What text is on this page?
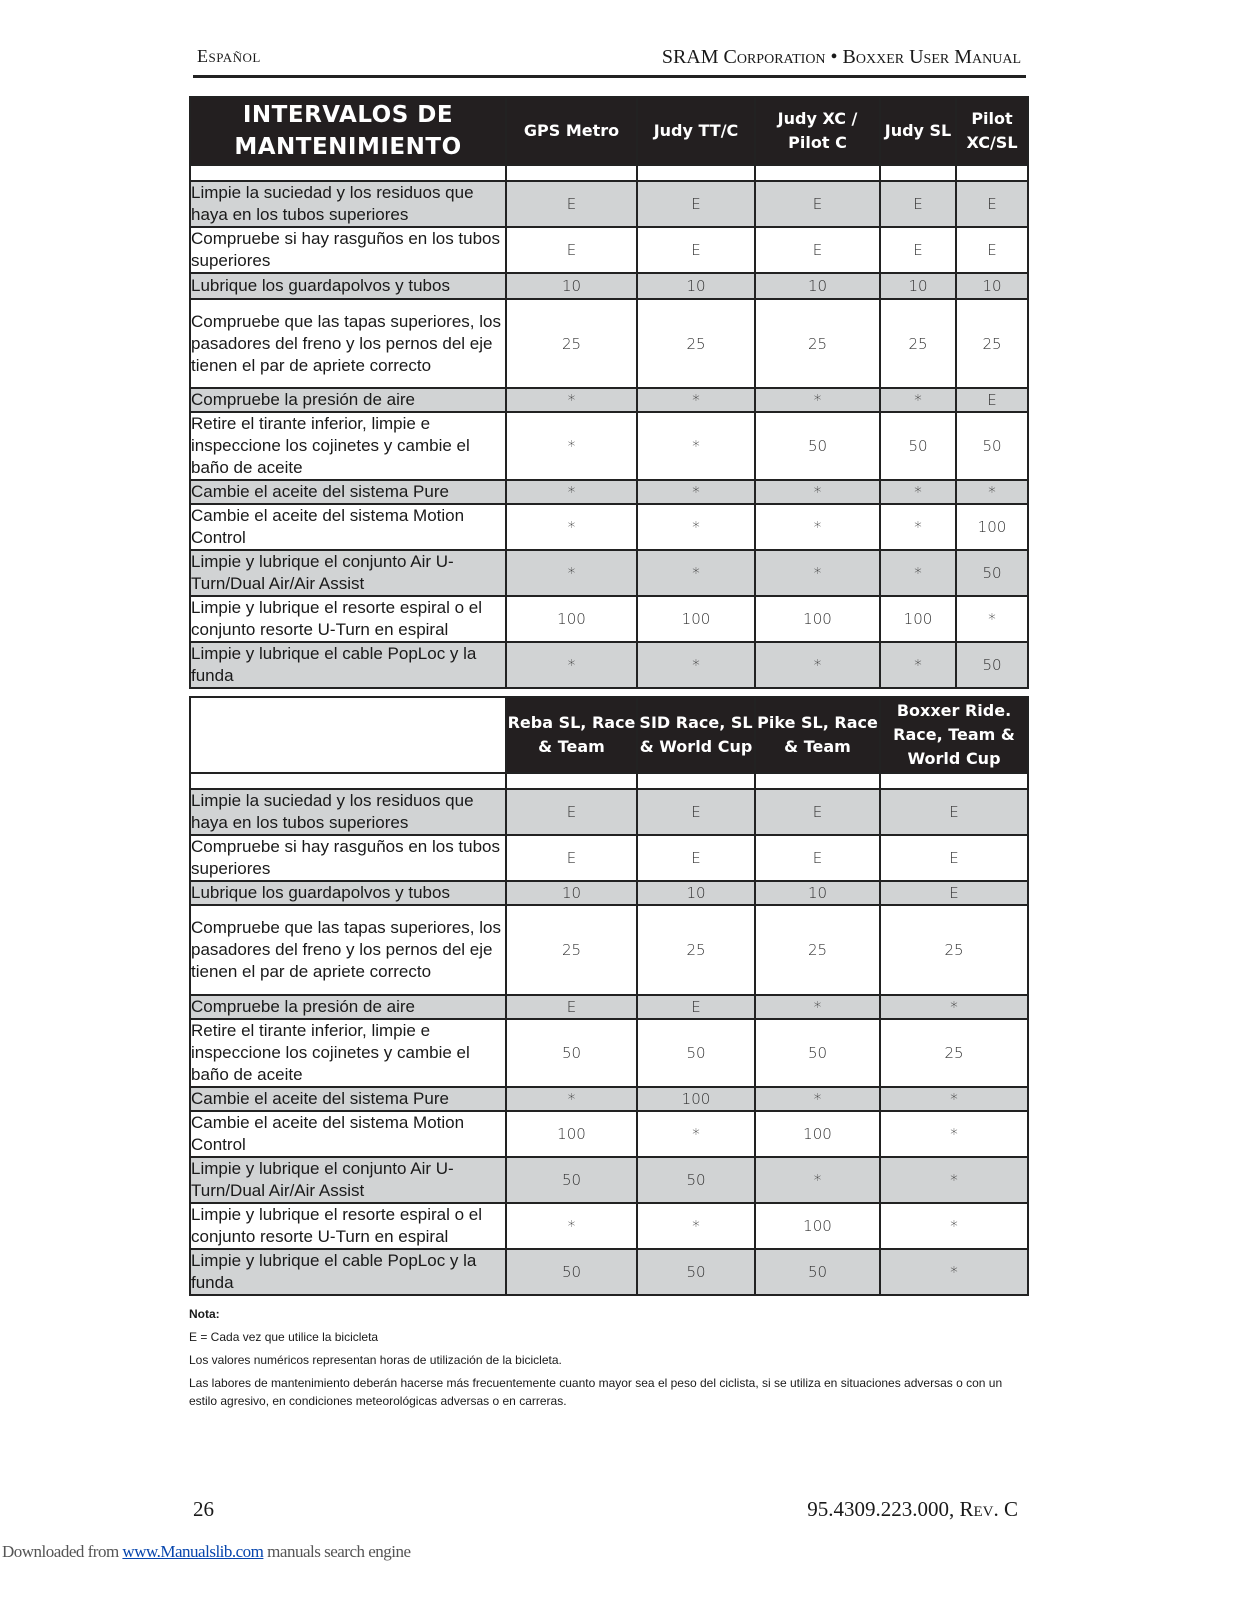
Español	SRAM Corporation • Boxxer User Manual
INTERVALOS DE MANTENIMIENTO	GPS Metro	Judy TT/C	Judy XC / Pilot C	Judy SL	Pilot XC/SL

Limpie la suciedad y los residuos que haya en los tubos superiores	E	E	E	E	E
Compruebe si hay rasguños en los tubos superiores	E	E	E	E	E
Lubrique los guardapolvos y tubos	10	10	10	10	10
Compruebe que las tapas superiores, los pasadores del freno y los pernos del eje tienen el par de apriete correcto	25	25	25	25	25
Compruebe la presión de aire	*	*	*	*	E
Retire el tirante inferior, limpie e inspeccione los cojinetes y cambie el baño de aceite	*	*	50	50	50
Cambie el aceite del sistema Pure	*	*	*	*	*
Cambie el aceite del sistema Motion Control	*	*	*	*	100
Limpie y lubrique el conjunto Air U-Turn/Dual Air/Air Assist	*	*	*	*	50
Limpie y lubrique el resorte espiral o el conjunto resorte U-Turn en espiral	100	100	100	100	*
Limpie y lubrique el cable PopLoc y la funda	*	*	*	*	50
	Reba SL, Race & Team	SID Race, SL & World Cup	Pike SL, Race & Team	Boxxer Ride. Race, Team & World Cup

Limpie la suciedad y los residuos que haya en los tubos superiores	E	E	E	E
Compruebe si hay rasguños en los tubos superiores	E	E	E	E
Lubrique los guardapolvos y tubos	10	10	10	E
Compruebe que las tapas superiores, los pasadores del freno y los pernos del eje tienen el par de apriete correcto	25	25	25	25
Compruebe la presión de aire	E	E	*	*
Retire el tirante inferior, limpie e inspeccione los cojinetes y cambie el baño de aceite	50	50	50	25
Cambie el aceite del sistema Pure	*	100	*	*
Cambie el aceite del sistema Motion Control	100	*	100	*
Limpie y lubrique el conjunto Air U-Turn/Dual Air/Air Assist	50	50	*	*
Limpie y lubrique el resorte espiral o el conjunto resorte U-Turn en espiral	*	*	100	*
Limpie y lubrique el cable PopLoc y la funda	50	50	50	*

Nota:

E = Cada vez que utilice la bicicleta

Los valores numéricos representan horas de utilización de la bicicleta.

Las labores de mantenimiento deberán hacerse más frecuentemente cuanto mayor sea el peso del ciclista, si se utiliza en situaciones adversas o con un estilo agresivo, en condiciones meteorológicas adversas o en carreras.

26	95.4309.223.000, Rev. C
Downloaded from www.Manualslib.com manuals search engine
